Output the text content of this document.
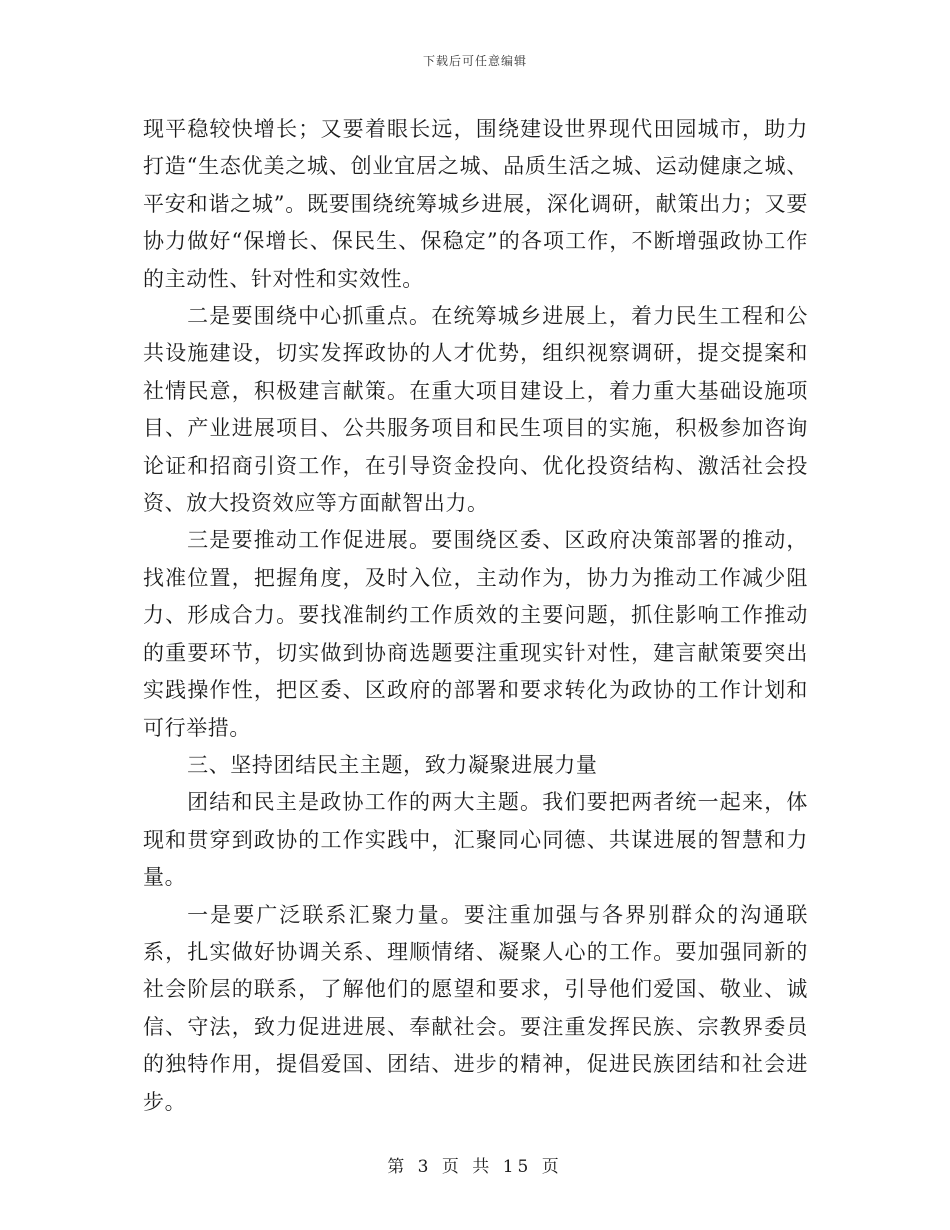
下载后可任意编辑

现平稳较快增长；又要着眼长远，围绕建设世界现代田园城市，助力打造“生态优美之城、创业宜居之城、品质生活之城、运动健康之城、平安和谐之城”。既要围绕统筹城乡进展，深化调研，献策出力；又要协力做好“保增长、保民生、保稳定”的各项工作，不断增强政协工作的主动性、针对性和实效性。

二是要围绕中心抓重点。在统筹城乡进展上，着力民生工程和公共设施建设，切实发挥政协的人才优势，组织视察调研，提交提案和社情民意，积极建言献策。在重大项目建设上，着力重大基础设施项目、产业进展项目、公共服务项目和民生项目的实施，积极参加咨询论证和招商引资工作，在引导资金投向、优化投资结构、激活社会投资、放大投资效应等方面献智出力。

三是要推动工作促进展。要围绕区委、区政府决策部署的推动，找准位置，把握角度，及时入位，主动作为，协力为推动工作减少阻力、形成合力。要找准制约工作质效的主要问题，抓住影响工作推动的重要环节，切实做到协商选题要注重现实针对性，建言献策要突出实践操作性，把区委、区政府的部署和要求转化为政协的工作计划和可行举措。

三、坚持团结民主主题，致力凝聚进展力量

团结和民主是政协工作的两大主题。我们要把两者统一起来，体现和贯穿到政协的工作实践中，汇聚同心同德、共谋进展的智慧和力量。

一是要广泛联系汇聚力量。要注重加强与各界别群众的沟通联系，扎实做好协调关系、理顺情绪、凝聚人心的工作。要加强同新的社会阶层的联系，了解他们的愿望和要求，引导他们爱国、敬业、诚信、守法，致力促进进展、奉献社会。要注重发挥民族、宗教界委员的独特作用，提倡爱国、团结、进步的精神，促进民族团结和社会进步。

第 3 页 共 15 页
